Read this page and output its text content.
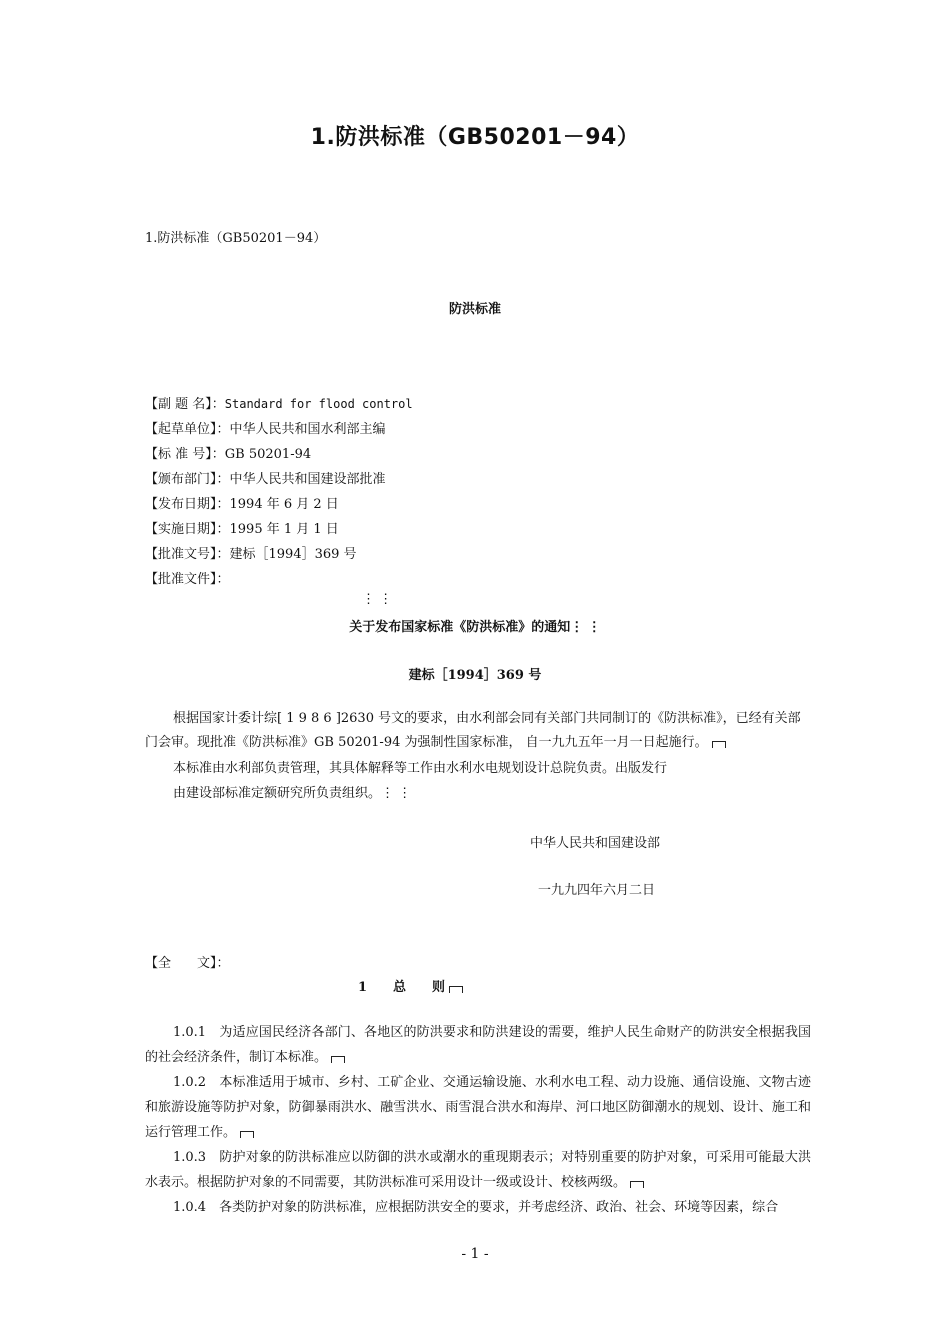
1.防洪标准（GB50201－94）
1.防洪标准（GB50201－94）
防洪标准
【副 题 名】：Standard for flood control
【起草单位】：中华人民共和国水利部主编
【标 准 号】：GB 50201-94
【颁布部门】：中华人民共和国建设部批准
【发布日期】：1994 年 6 月 2 日
【实施日期】：1995 年 1 月 1 日
【批准文号】：建标［1994］369 号
【批准文件】：
⋮ ⋮
关于发布国家标准《防洪标准》的通知⋮ ⋮
建标［1994］369 号
根据国家计委计综[ 1 9 8 6 ]2630 号文的要求，由水利部会同有关部门共同制订的《防洪标准》，已经有关部门会审。现批准《防洪标准》GB 50201-94 为强制性国家标准， 自一九九五年一月一日起施行。
本标准由水利部负责管理，其具体解释等工作由水利水电规划设计总院负责。出版发行
由建设部标准定额研究所负责组织。⋮ ⋮
中华人民共和国建设部
一九九四年六月二日
【全　　文】：
1　　总　　则
1.0.1　 为适应国民经济各部门、各地区的防洪要求和防洪建设的需要，维护人民生命财产的防洪安全根据我国的社会经济条件，制订本标准。
1.0.2　 本标准适用于城市、乡村、工矿企业、交通运输设施、水利水电工程、动力设施、通信设施、文物古迹和旅游设施等防护对象，防御暴雨洪水、融雪洪水、雨雪混合洪水和海岸、河口地区防御潮水的规划、设计、施工和运行管理工作。
1.0.3　 防护对象的防洪标准应以防御的洪水或潮水的重现期表示；对特别重要的防护对象，可采用可能最大洪水表示。根据防护对象的不同需要，其防洪标准可采用设计一级或设计、校核两级。
1.0.4　 各类防护对象的防洪标准，应根据防洪安全的要求，并考虑经济、政治、社会、环境等因素，综合
- 1 -
